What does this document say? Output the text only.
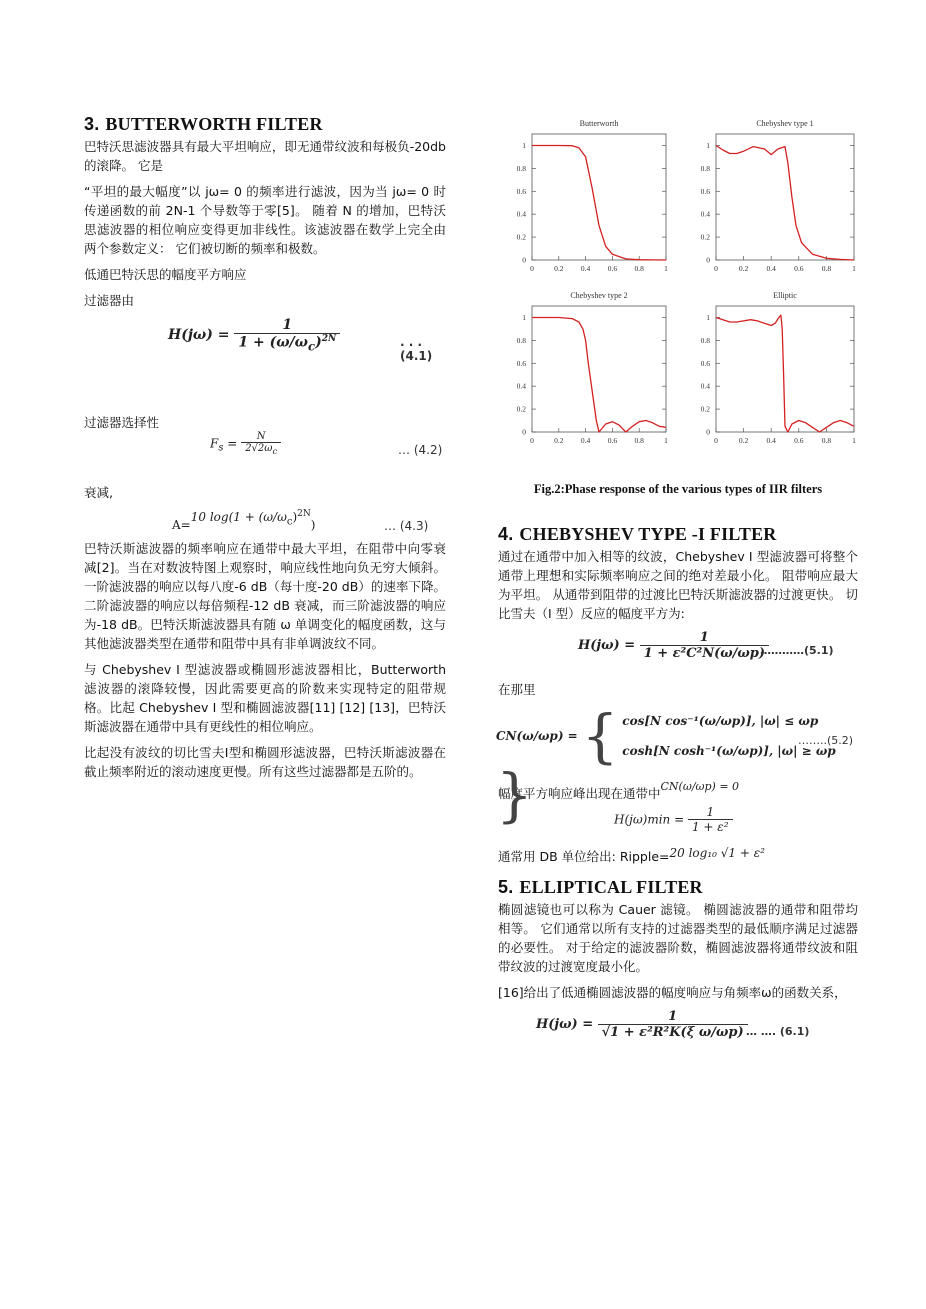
3. BUTTERWORTH FILTER

巴特沃思滤波器具有最大平坦响应，即无通带纹波和每极负-20db 的滚降。 它是

“平坦的最大幅度”以 jω= 0 的频率进行滤波，因为当 jω= 0 时传递函数的前 2N-1 个导数等于零[5]。 随着 N 的增加，巴特沃思滤波器的相位响应变得更加非线性。该滤波器在数学上完全由两个参数定义： 它们被切断的频率和极数。

低通巴特沃思的幅度平方响应

过滤器由

$H(j\omega) = \frac{1}{1 + (\omega/\omega_c)^{2N}}$	. . . (4.1)

过滤器选择性

$F_s = \frac{N}{2√2\omega_c}$	… (4.2)

衰减,

A=10 $\log(1 + (\omega/\omega_c)^{2N})$	… (4.3)

巴特沃斯滤波器的频率响应在通带中最大平坦，在阻带中向零衰减[2]。当在对数波特图上观察时，响应线性地向负无穷大倾斜。一阶滤波器的响应以每八度-6 dB（每十度-20 dB）的速率下降。二阶滤波器的响应以每倍频程-12 dB 衰减，而三阶滤波器的响应为-18 dB。巴特沃斯滤波器具有随 ω 单调变化的幅度函数，这与其他滤波器类型在通带和阻带中具有非单调波纹不同。

与 Chebyshev I 型滤波器或椭圆形滤波器相比，Butterworth 滤波器的滚降较慢，因此需要更高的阶数来实现特定的阻带规格。比起 Chebyshev I 型和椭圆滤波器[11] [12] [13]，巴特沃斯滤波器在通带中具有更线性的相位响应。

比起没有波纹的切比雪夫I型和椭圆形滤波器，巴特沃斯滤波器在截止频率附近的滚动速度更慢。所有这些过滤器都是五阶的。

Butterworth
0	0.2 0.4 0.6 0.8	1
0
0.2
0.4
0.6
0.8
1
Chebyshev type 1
0	0.2 0.4 0.6 0.8	1
0
0.2
0.4
0.6
0.8
1
Chebyshev type 2
0	0.2 0.4 0.6 0.8	1
0
0.2
0.4
0.6
0.8
1
Elliptic
0	0.2 0.4 0.6 0.8	1
0
0.2
0.4
0.6
0.8
1
Fig.2:Phase response of the various types of IIR filters
4. CHEBYSHEV TYPE -I FILTER

通过在通带中加入相等的纹波，Chebyshev I 型滤波器可将整个通带上理想和实际频率响应之间的绝对差最小化。 阻带响应最大为平坦。 从通带到阻带的过渡比巴特沃斯滤波器的过渡更快。 切比雪夫（I 型）反应的幅度平方为:

$H(j\omega) = \frac{1}{\text{1 + ε²C²N(ω/ωp)}}$
…………(5.1)

在那里

CN(ω/ωp) = { cos[N cos⁻¹(ω/ωp)], |ω| ≤ ωp
cosh[N cosh⁻¹(ω/ωp)], |ω| ≥ ωp
}
……..(5.2)

幅度平方响应峰出现在通带中CN(ω/ωp) = 0

$H(j\omega)\min = \frac{1}{\text{1 + ε²}}$

通常用 DB 单位给出: Ripple=20 log₁₀ √1 + ε²

5. ELLIPTICAL FILTER

椭圆滤镜也可以称为 Cauer 滤镜。 椭圆滤波器的通带和阻带均相等。 它们通常以所有支持的过滤器类型的最低顺序满足过滤器的必要性。 对于给定的滤波器阶数，椭圆滤波器将通带纹波和阻带纹波的过渡宽度最小化。

[16]给出了低通椭圆滤波器的幅度响应与角频率ω的函数关系，

$H(j\omega) = \frac{1}{\text{√1 + ε²R²K(ξ ω/ωp)}}$
… …. (6.1)
